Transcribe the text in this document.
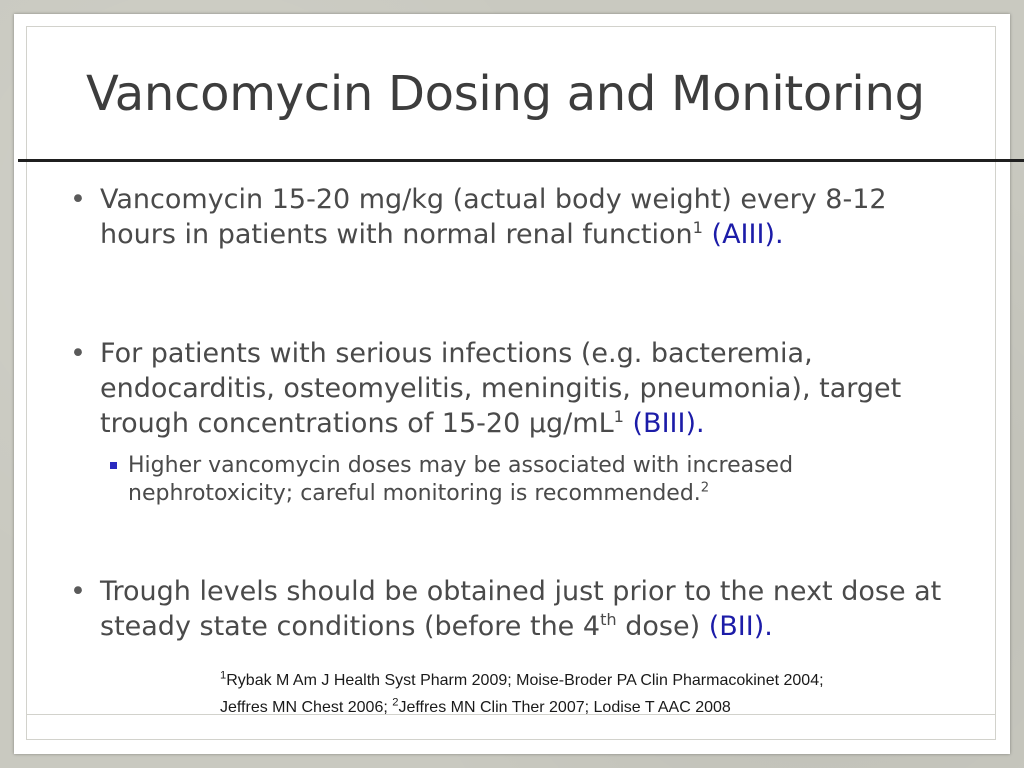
Vancomycin Dosing and Monitoring
• Vancomycin 15-20 mg/kg (actual body weight) every 8-12 hours in patients with normal renal function$^1$ (AIII).
• For patients with serious infections (e.g. bacteremia, endocarditis, osteomyelitis, meningitis, pneumonia), target trough concentrations of 15-20 $\mu g/mL^1$ (BIII).
Higher vancomycin doses may be associated with increased nephrotoxicity; careful monitoring is recommended.$^2$
• Trough levels should be obtained just prior to the next dose at steady state conditions (before the 4th dose) (BII).
$^1$Rybak M Am J Health Syst Pharm 2009; Moise-Broder PA Clin Pharmacokinet 2004;
Jeffres MN Chest 2006; $^2$Jeffres MN Clin Ther 2007; Lodise T AAC 2008
